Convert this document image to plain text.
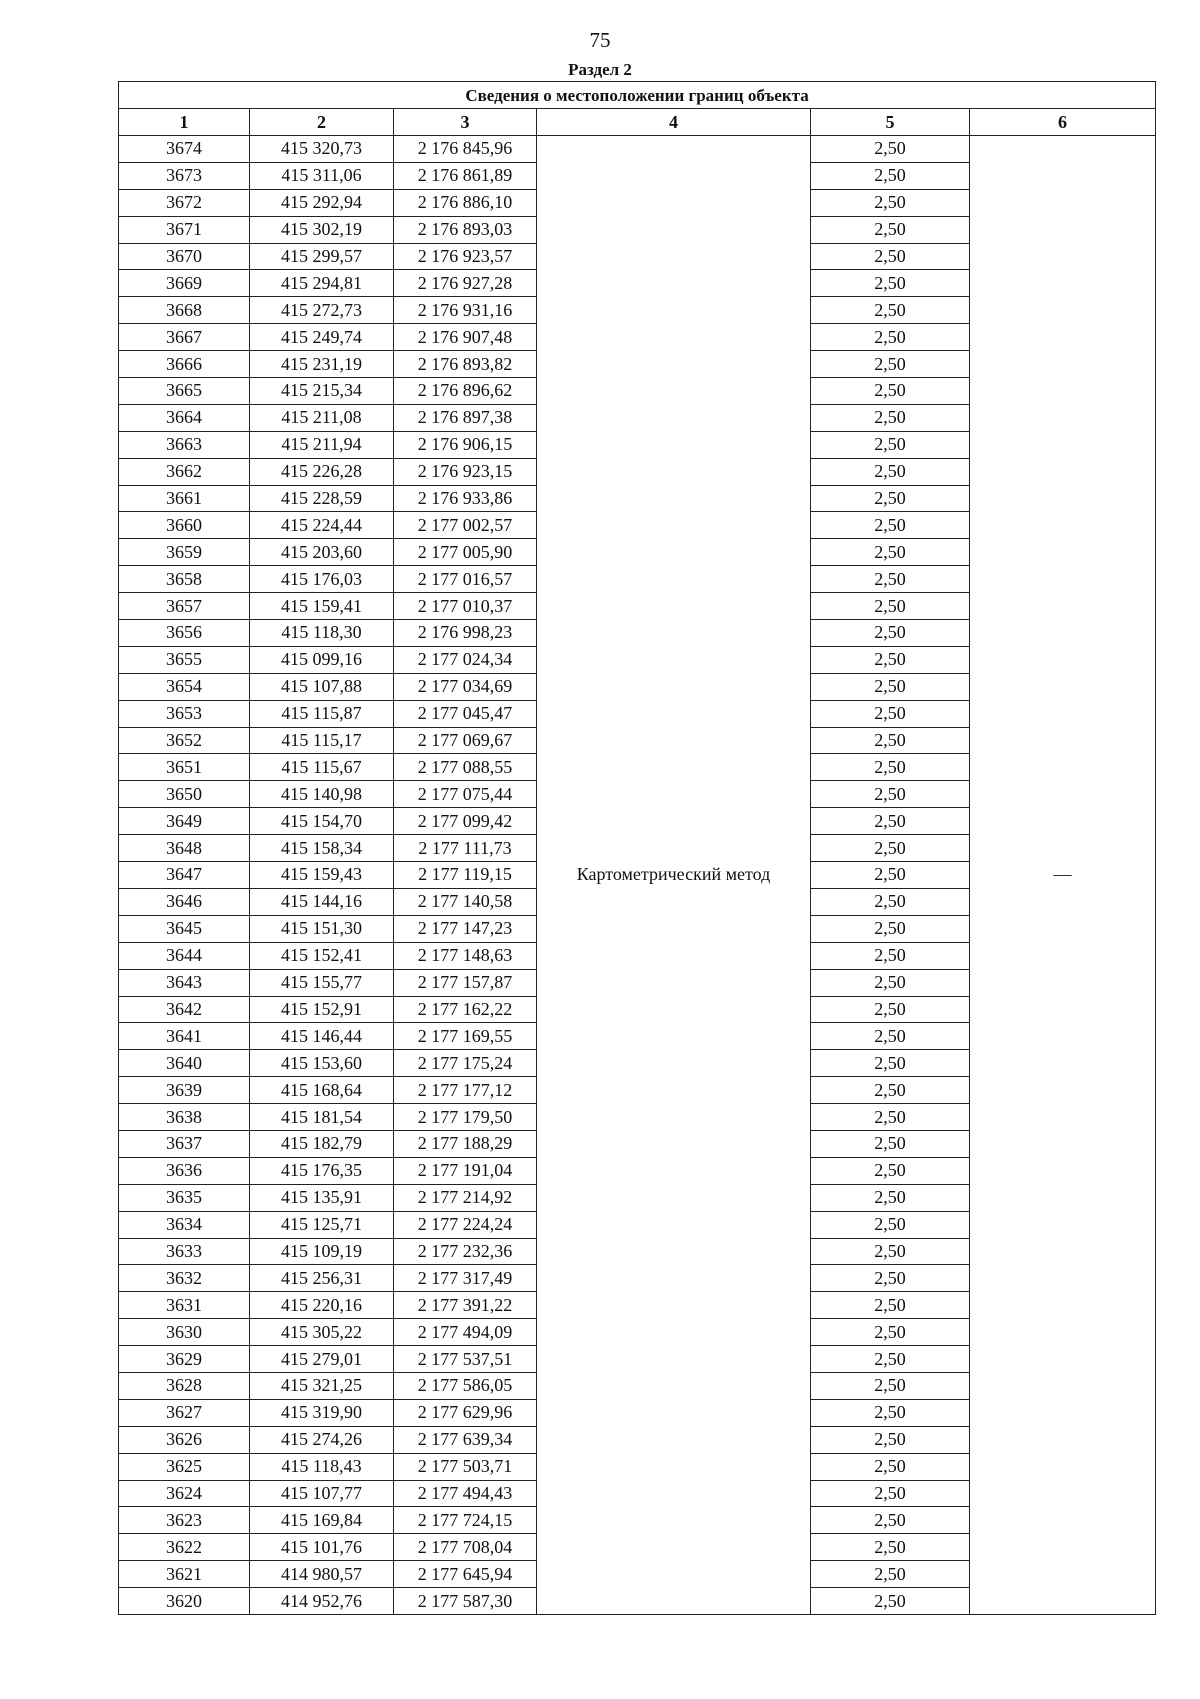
75
Раздел 2
Сведения о местоположении границ объекта					
1	2	3	4	5	6
3674	415 320,73	2 176 845,96	Картометрический метод	2,50	—
3673	415 311,06	2 176 861,89		2,50	
3672	415 292,94	2 176 886,10		2,50	
3671	415 302,19	2 176 893,03		2,50	
3670	415 299,57	2 176 923,57		2,50	
3669	415 294,81	2 176 927,28		2,50	
3668	415 272,73	2 176 931,16		2,50	
3667	415 249,74	2 176 907,48		2,50	
3666	415 231,19	2 176 893,82		2,50	
3665	415 215,34	2 176 896,62		2,50	
3664	415 211,08	2 176 897,38		2,50	
3663	415 211,94	2 176 906,15		2,50	
3662	415 226,28	2 176 923,15		2,50	
3661	415 228,59	2 176 933,86		2,50	
3660	415 224,44	2 177 002,57		2,50	
3659	415 203,60	2 177 005,90		2,50	
3658	415 176,03	2 177 016,57		2,50	
3657	415 159,41	2 177 010,37		2,50	
3656	415 118,30	2 176 998,23		2,50	
3655	415 099,16	2 177 024,34		2,50	
3654	415 107,88	2 177 034,69		2,50	
3653	415 115,87	2 177 045,47		2,50	
3652	415 115,17	2 177 069,67		2,50	
3651	415 115,67	2 177 088,55		2,50	
3650	415 140,98	2 177 075,44		2,50	
3649	415 154,70	2 177 099,42		2,50	
3648	415 158,34	2 177 111,73		2,50	
3647	415 159,43	2 177 119,15		2,50	
3646	415 144,16	2 177 140,58		2,50	
3645	415 151,30	2 177 147,23		2,50	
3644	415 152,41	2 177 148,63		2,50	
3643	415 155,77	2 177 157,87		2,50	
3642	415 152,91	2 177 162,22		2,50	
3641	415 146,44	2 177 169,55		2,50	
3640	415 153,60	2 177 175,24		2,50	
3639	415 168,64	2 177 177,12		2,50	
3638	415 181,54	2 177 179,50		2,50	
3637	415 182,79	2 177 188,29		2,50	
3636	415 176,35	2 177 191,04		2,50	
3635	415 135,91	2 177 214,92		2,50	
3634	415 125,71	2 177 224,24		2,50	
3633	415 109,19	2 177 232,36		2,50	
3632	415 256,31	2 177 317,49		2,50	
3631	415 220,16	2 177 391,22		2,50	
3630	415 305,22	2 177 494,09		2,50	
3629	415 279,01	2 177 537,51		2,50	
3628	415 321,25	2 177 586,05		2,50	
3627	415 319,90	2 177 629,96		2,50	
3626	415 274,26	2 177 639,34		2,50	
3625	415 118,43	2 177 503,71		2,50	
3624	415 107,77	2 177 494,43		2,50	
3623	415 169,84	2 177 724,15		2,50	
3622	415 101,76	2 177 708,04		2,50	
3621	414 980,57	2 177 645,94		2,50	
3620	414 952,76	2 177 587,30		2,50	
